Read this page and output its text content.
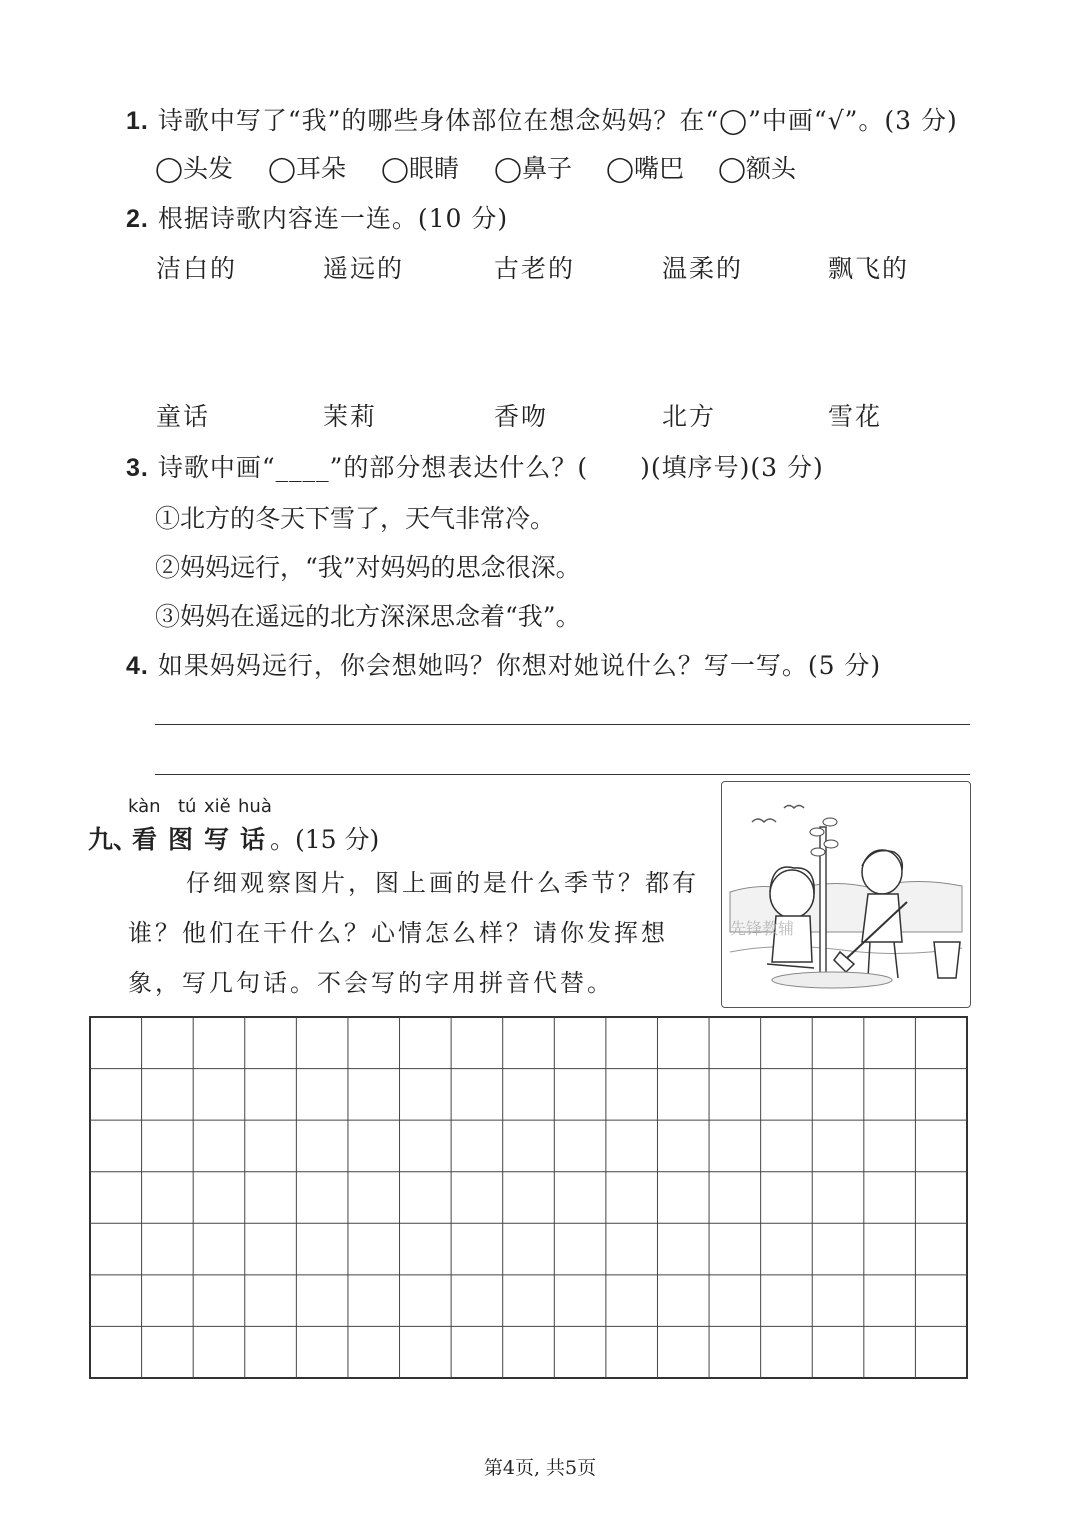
1. 诗歌中写了“我”的哪些身体部位在想念妈妈？在“◯”中画“√”。(3 分)
◯头发 ◯耳朵 ◯眼睛 ◯鼻子 ◯嘴巴 ◯额头
2. 根据诗歌内容连一连。(10 分)
洁白的	遥远的	古老的	温柔的	飘飞的
童话	茉莉	香吻	北方	雪花
3. 诗歌中画“____”的部分想表达什么？(　　)(填序号)(3 分)
①北方的冬天下雪了，天气非常冷。
②妈妈远行，“我”对妈妈的思念很深。
③妈妈在遥远的北方深深思念着“我”。
4. 如果妈妈远行，你会想她吗？你想对她说什么？写一写。(5 分)
kàn tú xiě huà
九、
看 图 写 话 。(15 分)
仔细观察图片，图上画的是什么季节？都有谁？他们在干什么？心情怎么样？请你发挥想象，写几句话。不会写的字用拼音代替。
先锋教辅
第4页, 共5页
